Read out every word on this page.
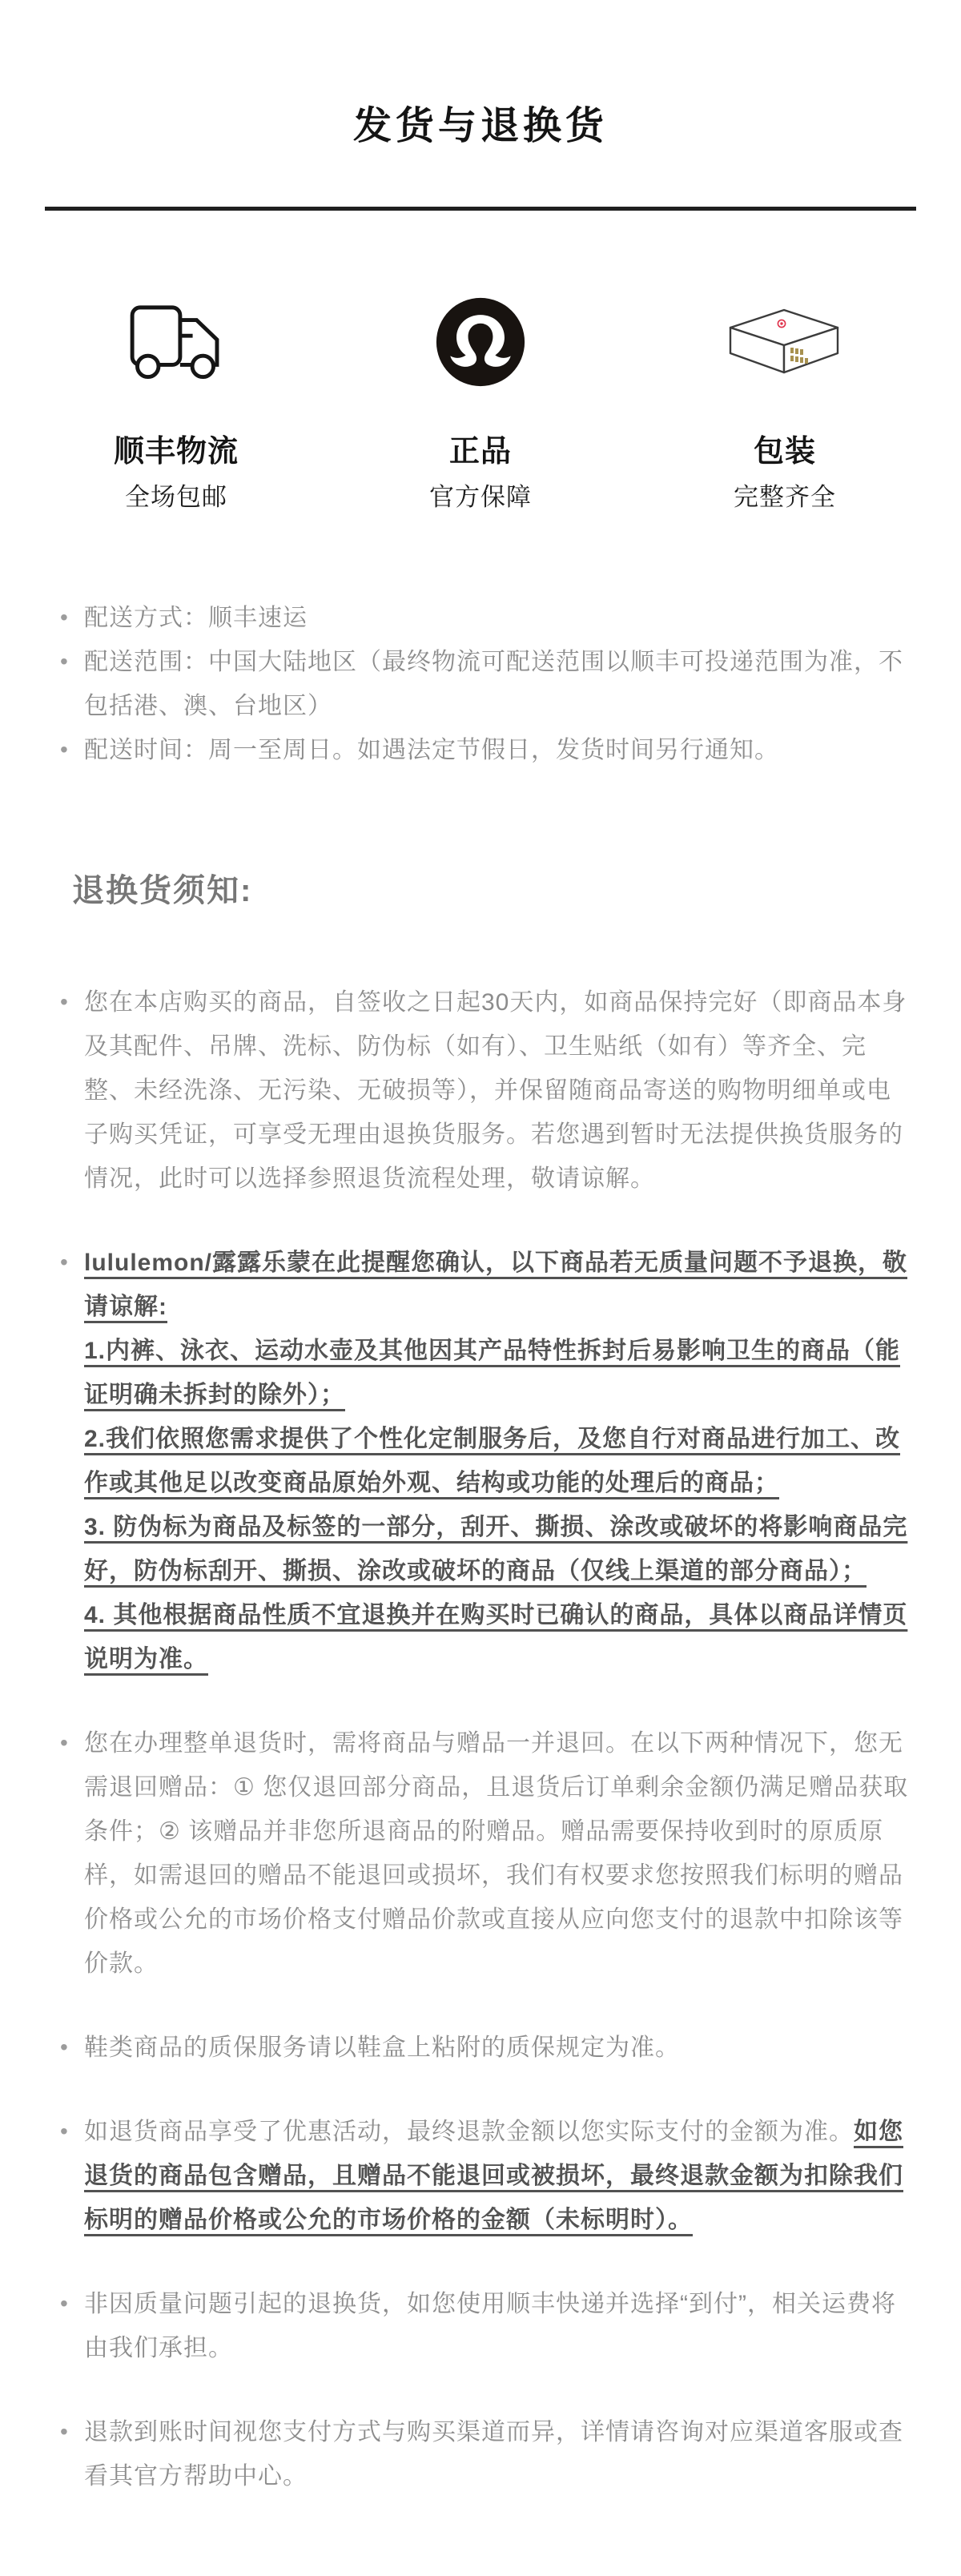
发货与退换货
顺丰物流
全场包邮
正品
官方保障
包装
完整齐全
• 配送方式：顺丰速运
• 配送范围：中国大陆地区（最终物流可配送范围以顺丰可投递范围为准，不包括港、澳、台地区）
• 配送时间：周一至周日。如遇法定节假日，发货时间另行通知。
退换货须知:

• 您在本店购买的商品，自签收之日起30天内，如商品保持完好（即商品本身及其配件、吊牌、洗标、防伪标（如有）、卫生贴纸（如有）等齐全、完整、未经洗涤、无污染、无破损等），并保留随商品寄送的购物明细单或电子购买凭证，可享受无理由退换货服务。若您遇到暂时无法提供换货服务的情况，此时可以选择参照退货流程处理，敬请谅解。

• lululemon/露露乐蒙在此提醒您确认，以下商品若无质量问题不予退换，敬请谅解:

1.内裤、泳衣、运动水壶及其他因其产品特性拆封后易影响卫生的商品（能证明确未拆封的除外）；

2.我们依照您需求提供了个性化定制服务后，及您自行对商品进行加工、改作或其他足以改变商品原始外观、结构或功能的处理后的商品；

3. 防伪标为商品及标签的一部分，刮开、撕损、涂改或破坏的将影响商品完好，防伪标刮开、撕损、涂改或破坏的商品（仅线上渠道的部分商品）；

4. 其他根据商品性质不宜退换并在购买时已确认的商品，具体以商品详情页说明为准。

• 您在办理整单退货时，需将商品与赠品一并退回。在以下两种情况下，您无需退回赠品：① 您仅退回部分商品，且退货后订单剩余金额仍满足赠品获取条件；② 该赠品并非您所退商品的附赠品。赠品需要保持收到时的原质原样，如需退回的赠品不能退回或损坏，我们有权要求您按照我们标明的赠品价格或公允的市场价格支付赠品价款或直接从应向您支付的退款中扣除该等价款。

• 鞋类商品的质保服务请以鞋盒上粘附的质保规定为准。

• 如退货商品享受了优惠活动，最终退款金额以您实际支付的金额为准。如您退货的商品包含赠品，且赠品不能退回或被损坏，最终退款金额为扣除我们标明的赠品价格或公允的市场价格的金额（未标明时）。

• 非因质量问题引起的退换货，如您使用顺丰快递并选择“到付”，相关运费将由我们承担。

• 退款到账时间视您支付方式与购买渠道而异，详情请咨询对应渠道客服或查看其官方帮助中心。
